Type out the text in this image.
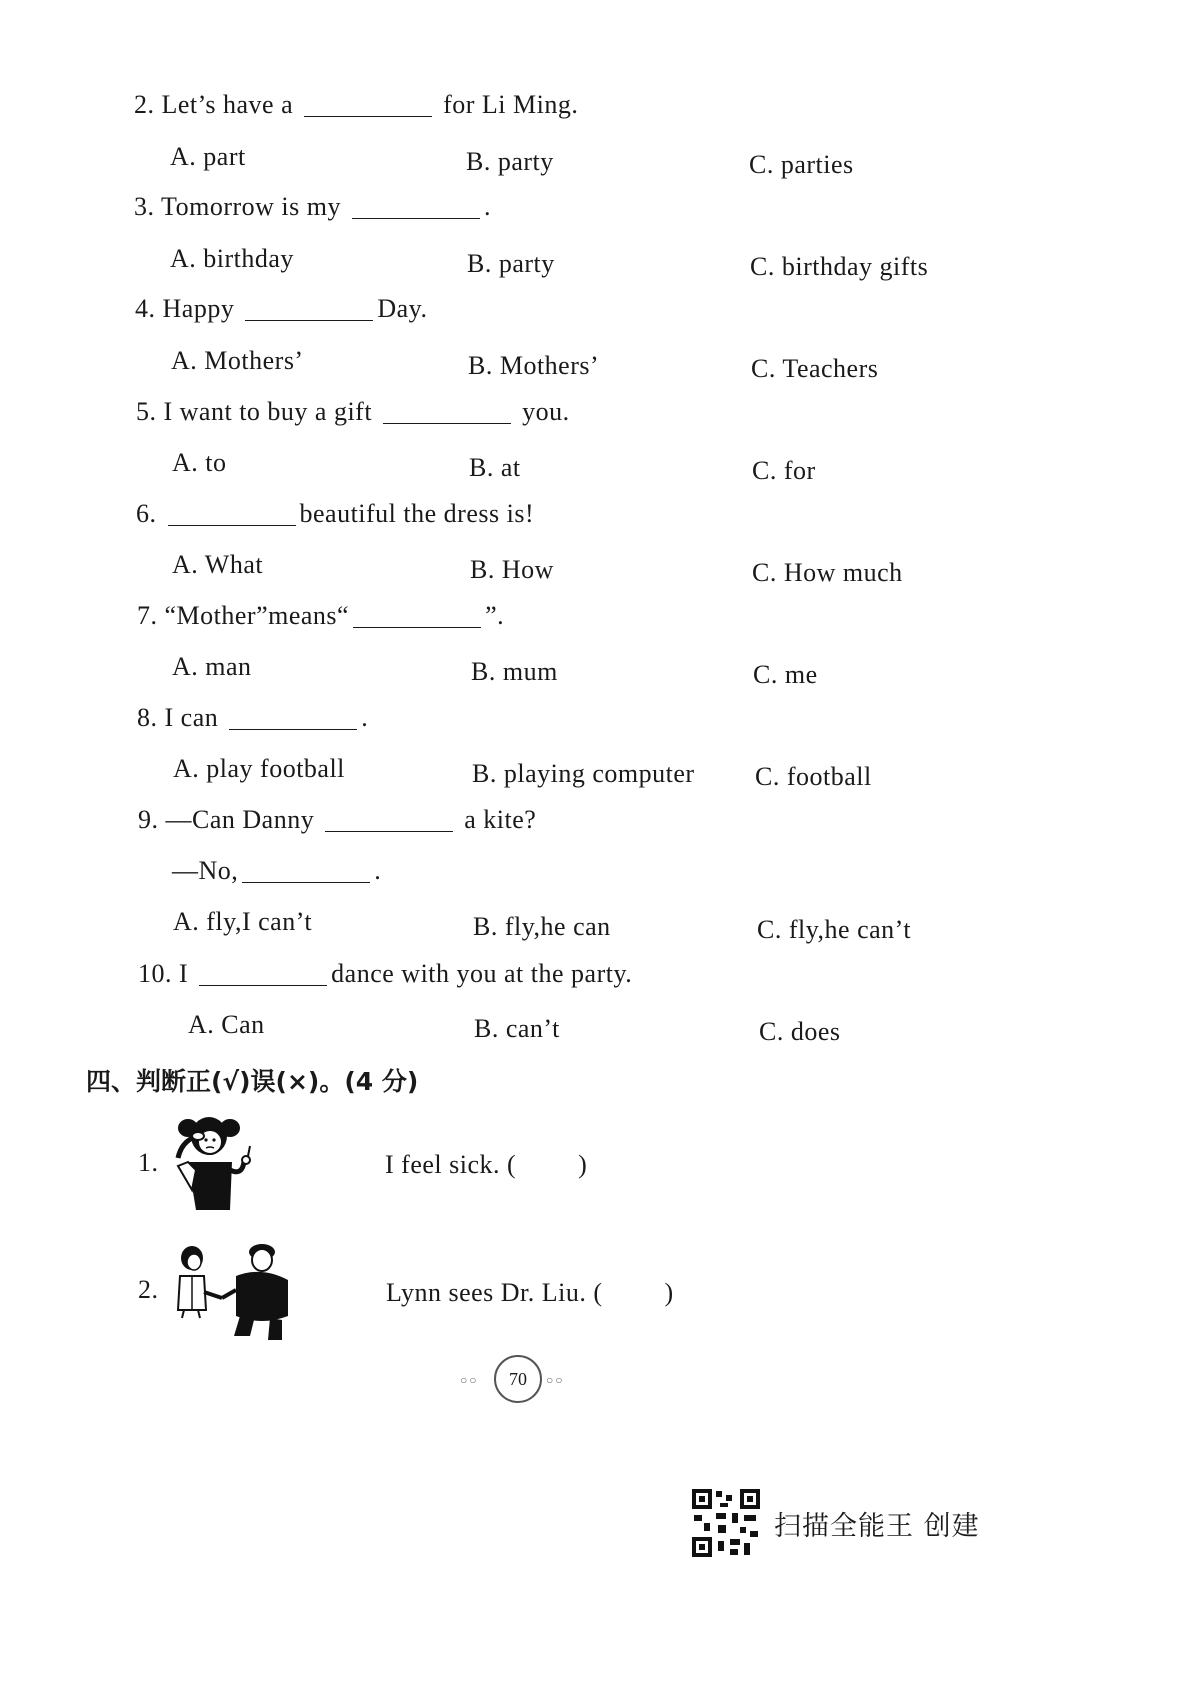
2. Let’s have a	for Li Ming.
A. part	B. party	C. parties
3. Tomorrow is my	.
A. birthday	B. party	C. birthday gifts
4. Happy	Day.
A. Mothers’	B. Mothers’	C. Teachers
5. I want to buy a gift	you.
A. to	B. at	C. for
6.	beautiful the dress is!
A. What	B. How	C. How much
7. “Mother”means“	”.
A. man	B. mum	C. me
8. I can	.
A. play football	B. playing computer C. football
9. —Can Danny	a kite?
—No,	.
A. fly,I can’t	B. fly,he can	C. fly,he can’t
10. I	dance with you at the party.
A. Can	B. can’t	C. does
四、判断正(√)误(×)。(4 分)
1.	I feel sick. ( )
2.	Lynn sees Dr. Liu. ( )
○○	70	○○
扫描全能王 创建
